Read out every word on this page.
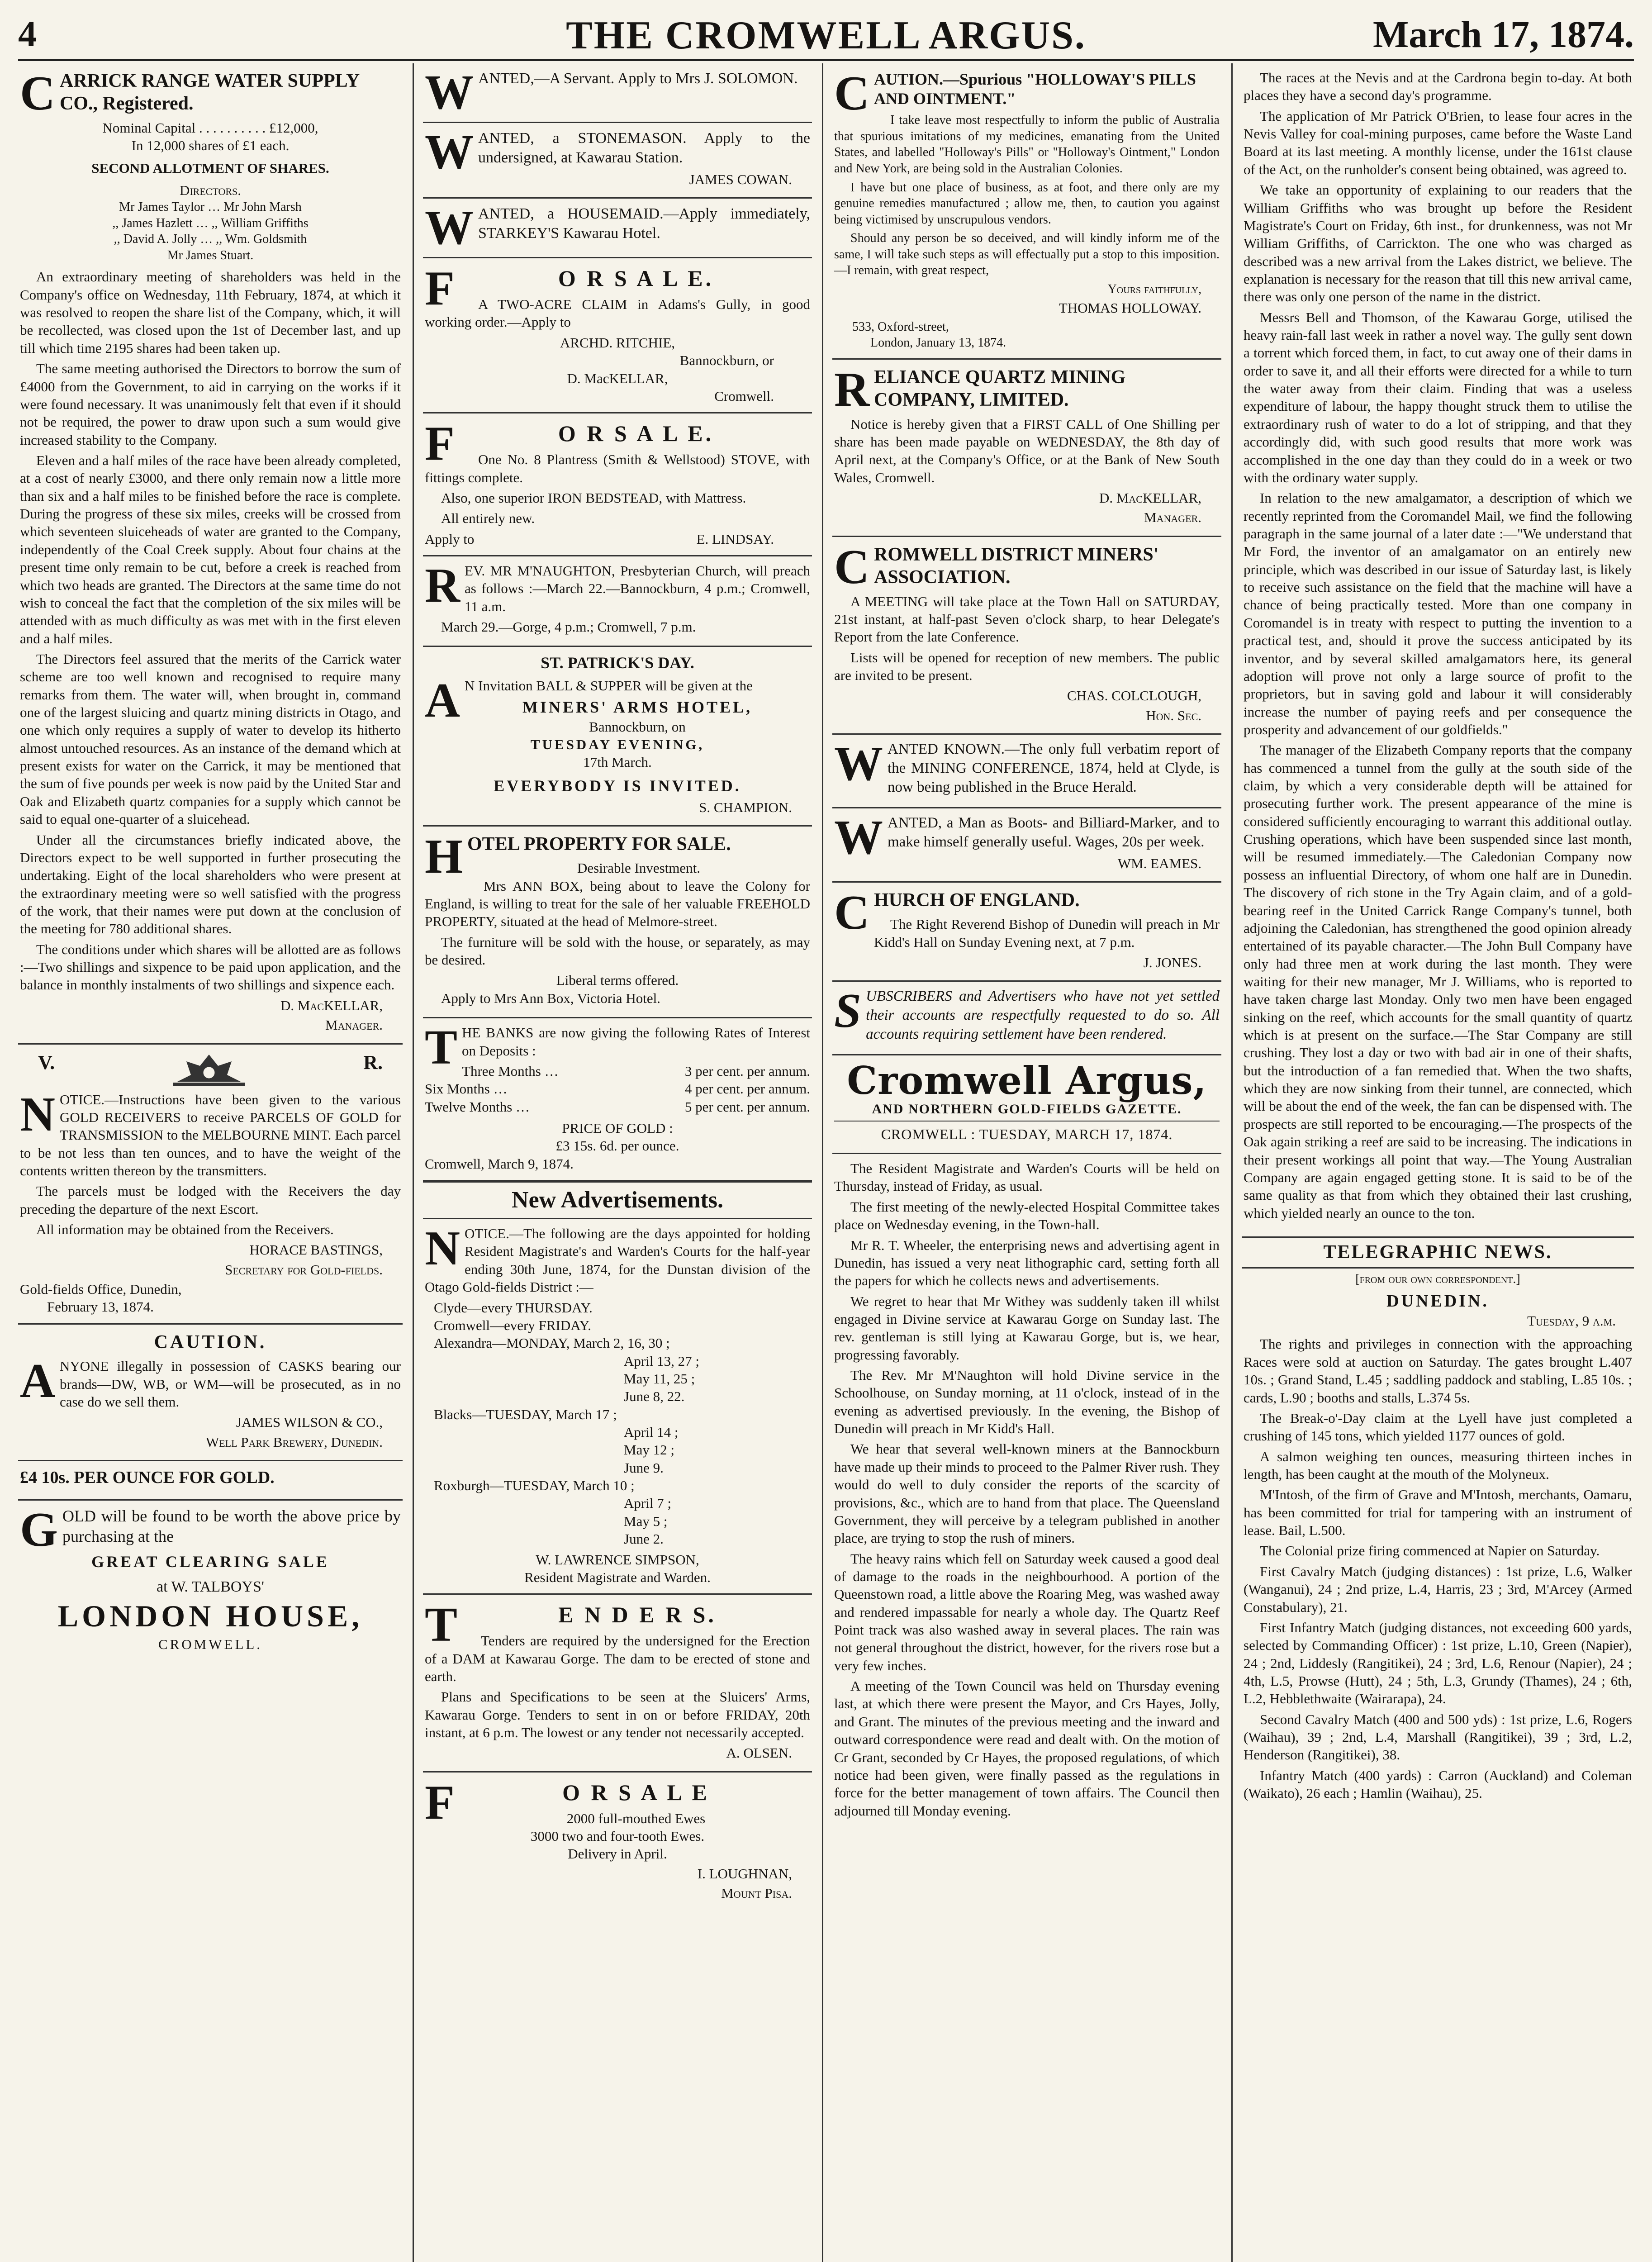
4	THE CROMWELL ARGUS.	March 17, 1874.
CARRICK RANGE WATER SUPPLY CO., Registered.
Nominal Capital . . . . . . . . . . £12,000,
In 12,000 shares of £1 each.
SECOND ALLOTMENT OF SHARES.
Directors.
Mr James Taylor … Mr John Marsh
,, James Hazlett … ,, William Griffiths
,, David A. Jolly … ,, Wm. Goldsmith
Mr James Stuart.

An extraordinary meeting of shareholders was held in the Company's office on Wednesday, 11th February, 1874, at which it was resolved to reopen the share list of the Company, which, it will be recollected, was closed upon the 1st of December last, and up till which time 2195 shares had been taken up.

The same meeting authorised the Directors to borrow the sum of £4000 from the Government, to aid in carrying on the works if it were found necessary. It was unanimously felt that even if it should not be required, the power to draw upon such a sum would give increased stability to the Company.

Eleven and a half miles of the race have been already completed, at a cost of nearly £3000, and there only remain now a little more than six and a half miles to be finished before the race is complete. During the progress of these six miles, creeks will be crossed from which seventeen sluiceheads of water are granted to the Company, independently of the Coal Creek supply. About four chains at the present time only remain to be cut, before a creek is reached from which two heads are granted. The Directors at the same time do not wish to conceal the fact that the completion of the six miles will be attended with as much difficulty as was met with in the first eleven and a half miles.

The Directors feel assured that the merits of the Carrick water scheme are too well known and recognised to require many remarks from them. The water will, when brought in, command one of the largest sluicing and quartz mining districts in Otago, and one which only requires a supply of water to develop its hitherto almost untouched resources. As an instance of the demand which at present exists for water on the Carrick, it may be mentioned that the sum of five pounds per week is now paid by the United Star and Oak and Elizabeth quartz companies for a supply which cannot be said to equal one-quarter of a sluicehead.

Under all the circumstances briefly indicated above, the Directors expect to be well supported in further prosecuting the undertaking. Eight of the local shareholders who were present at the extraordinary meeting were so well satisfied with the progress of the work, that their names were put down at the conclusion of the meeting for 780 additional shares.

The conditions under which shares will be allotted are as follows :—Two shillings and sixpence to be paid upon application, and the balance in monthly instalments of two shillings and sixpence each.

D. MacKELLAR,
Manager.
V.	R.

NOTICE.—Instructions have been given to the various GOLD RECEIVERS to receive PARCELS OF GOLD for TRANSMISSION to the MELBOURNE MINT. Each parcel to be not less than ten ounces, and to have the weight of the contents written thereon by the transmitters.

The parcels must be lodged with the Receivers the day preceding the departure of the next Escort.

All information may be obtained from the Receivers.

HORACE BASTINGS,
Secretary for Gold-fields.
Gold-fields Office, Dunedin,
February 13, 1874.
CAUTION.

ANYONE illegally in possession of CASKS bearing our brands—DW, WB, or WM—will be prosecuted, as in no case do we sell them.

JAMES WILSON & CO.,
Well Park Brewery, Dunedin.
£4 10s. PER OUNCE FOR GOLD.

GOLD will be found to be worth the above price by purchasing at the

GREAT CLEARING SALE
at W. TALBOYS'
LONDON HOUSE,
CROMWELL.

WANTED,—A Servant. Apply to Mrs J. SOLOMON.

WANTED, a STONEMASON. Apply to the undersigned, at Kawarau Station.

JAMES COWAN.

WANTED, a HOUSEMAID.—Apply immediately, STARKEY'S Kawarau Hotel.

F	O R S A L E.

A TWO-ACRE CLAIM in Adams's Gully, in good working order.—Apply to

ARCHD. RITCHIE,
Bannockburn, or
D. MacKELLAR,
Cromwell.
F	O R S A L E.

One No. 8 Plantress (Smith & Wellstood) STOVE, with fittings complete.

Also, one superior IRON BEDSTEAD, with Mattress.

All entirely new.

Apply to	E. LINDSAY.

REV. MR M'NAUGHTON, Presbyterian Church, will preach as follows :—March 22.—Bannockburn, 4 p.m.; Cromwell, 11 a.m.

March 29.—Gorge, 4 p.m.; Cromwell, 7 p.m.

ST. PATRICK'S DAY.

A N Invitation BALL & SUPPER will be given at the

MINERS' ARMS HOTEL,
Bannockburn, on
TUESDAY EVENING,
17th March.
EVERYBODY IS INVITED.
S. CHAMPION.
HOTEL PROPERTY FOR SALE.
Desirable Investment.

Mrs ANN BOX, being about to leave the Colony for England, is willing to treat for the sale of her valuable FREEHOLD PROPERTY, situated at the head of Melmore-street.

The furniture will be sold with the house, or separately, as may be desired.

Liberal terms offered.

Apply to Mrs Ann Box, Victoria Hotel.

THE BANKS are now giving the following Rates of Interest on Deposits :

Three Months …	3 per cent. per annum.
Six Months …	4 per cent. per annum.
Twelve Months …	5 per cent. per annum.
PRICE OF GOLD :
£3 15s. 6d. per ounce.
Cromwell, March 9, 1874.
New Advertisements.

NOTICE.—The following are the days appointed for holding Resident Magistrate's and Warden's Courts for the half-year ending 30th June, 1874, for the Dunstan division of the Otago Gold-fields District :—

Clyde—every THURSDAY.
Cromwell—every FRIDAY.
Alexandra—MONDAY, March 2, 16, 30 ;
April 13, 27 ;
May 11, 25 ;
June 8, 22.
Blacks—TUESDAY, March 17 ;
April 14 ;
May 12 ;
June 9.
Roxburgh—TUESDAY, March 10 ;
April 7 ;
May 5 ;
June 2.
W. LAWRENCE SIMPSON,
Resident Magistrate and Warden.
T	E N D E R S.

Tenders are required by the undersigned for the Erection of a DAM at Kawarau Gorge. The dam to be erected of stone and earth.

Plans and Specifications to be seen at the Sluicers' Arms, Kawarau Gorge. Tenders to sent in on or before FRIDAY, 20th instant, at 6 p.m. The lowest or any tender not necessarily accepted.

A. OLSEN.
F	O R S A L E
2000 full-mouthed Ewes
3000 two and four-tooth Ewes.
Delivery in April.
I. LOUGHNAN,
Mount Pisa.
CAUTION.—Spurious "HOLLOWAY'S PILLS AND OINTMENT."

I take leave most respectfully to inform the public of Australia that spurious imitations of my medicines, emanating from the United States, and labelled "Holloway's Pills" or "Holloway's Ointment," London and New York, are being sold in the Australian Colonies.

I have but one place of business, as at foot, and there only are my genuine remedies manufactured ; allow me, then, to caution you against being victimised by unscrupulous vendors.

Should any person be so deceived, and will kindly inform me of the same, I will take such steps as will effectually put a stop to this imposition.—I remain, with great respect,

Yours faithfully,
THOMAS HOLLOWAY.
533, Oxford-street,
London, January 13, 1874.
RELIANCE QUARTZ MINING COMPANY, LIMITED.

Notice is hereby given that a FIRST CALL of One Shilling per share has been made payable on WEDNESDAY, the 8th day of April next, at the Company's Office, or at the Bank of New South Wales, Cromwell.

D. MacKELLAR,
Manager.
CROMWELL DISTRICT MINERS' ASSOCIATION.

A MEETING will take place at the Town Hall on SATURDAY, 21st instant, at half-past Seven o'clock sharp, to hear Delegate's Report from the late Conference.

Lists will be opened for reception of new members. The public are invited to be present.

CHAS. COLCLOUGH,
Hon. Sec.

WANTED KNOWN.—The only full verbatim report of the MINING CONFERENCE, 1874, held at Clyde, is now being published in the Bruce Herald.

WANTED, a Man as Boots- and Billiard-Marker, and to make himself generally useful. Wages, 20s per week.

WM. EAMES.
CHURCH OF ENGLAND.

The Right Reverend Bishop of Dunedin will preach in Mr Kidd's Hall on Sunday Evening next, at 7 p.m.

J. JONES.

SUBSCRIBERS and Advertisers who have not yet settled their accounts are respectfully requested to do so. All accounts requiring settlement have been rendered.

Cromwell Argus,
AND NORTHERN GOLD-FIELDS GAZETTE.
CROMWELL : TUESDAY, MARCH 17, 1874.

The Resident Magistrate and Warden's Courts will be held on Thursday, instead of Friday, as usual.

The first meeting of the newly-elected Hospital Committee takes place on Wednesday evening, in the Town-hall.

Mr R. T. Wheeler, the enterprising news and advertising agent in Dunedin, has issued a very neat lithographic card, setting forth all the papers for which he collects news and advertisements.

We regret to hear that Mr Withey was suddenly taken ill whilst engaged in Divine service at Kawarau Gorge on Sunday last. The rev. gentleman is still lying at Kawarau Gorge, but is, we hear, progressing favorably.

The Rev. Mr M'Naughton will hold Divine service in the Schoolhouse, on Sunday morning, at 11 o'clock, instead of in the evening as advertised previously. In the evening, the Bishop of Dunedin will preach in Mr Kidd's Hall.

We hear that several well-known miners at the Bannockburn have made up their minds to proceed to the Palmer River rush. They would do well to duly consider the reports of the scarcity of provisions, &c., which are to hand from that place. The Queensland Government, they will perceive by a telegram published in another place, are trying to stop the rush of miners.

The heavy rains which fell on Saturday week caused a good deal of damage to the roads in the neighbourhood. A portion of the Queenstown road, a little above the Roaring Meg, was washed away and rendered impassable for nearly a whole day. The Quartz Reef Point track was also washed away in several places. The rain was not general throughout the district, however, for the rivers rose but a very few inches.

A meeting of the Town Council was held on Thursday evening last, at which there were present the Mayor, and Crs Hayes, Jolly, and Grant. The minutes of the previous meeting and the inward and outward correspondence were read and dealt with. On the motion of Cr Grant, seconded by Cr Hayes, the proposed regulations, of which notice had been given, were finally passed as the regulations in force for the better management of town affairs. The Council then adjourned till Monday evening.

The races at the Nevis and at the Cardrona begin to-day. At both places they have a second day's programme.

The application of Mr Patrick O'Brien, to lease four acres in the Nevis Valley for coal-mining purposes, came before the Waste Land Board at its last meeting. A monthly license, under the 161st clause of the Act, on the runholder's consent being obtained, was agreed to.

We take an opportunity of explaining to our readers that the William Griffiths who was brought up before the Resident Magistrate's Court on Friday, 6th inst., for drunkenness, was not Mr William Griffiths, of Carrickton. The one who was charged as described was a new arrival from the Lakes district, we believe. The explanation is necessary for the reason that till this new arrival came, there was only one person of the name in the district.

Messrs Bell and Thomson, of the Kawarau Gorge, utilised the heavy rain-fall last week in rather a novel way. The gully sent down a torrent which forced them, in fact, to cut away one of their dams in order to save it, and all their efforts were directed for a while to turn the water away from their claim. Finding that was a useless expenditure of labour, the happy thought struck them to utilise the extraordinary rush of water to do a lot of stripping, and that they accordingly did, with such good results that more work was accomplished in the one day than they could do in a week or two with the ordinary water supply.

In relation to the new amalgamator, a description of which we recently reprinted from the Coromandel Mail, we find the following paragraph in the same journal of a later date :—"We understand that Mr Ford, the inventor of an amalgamator on an entirely new principle, which was described in our issue of Saturday last, is likely to receive such assistance on the field that the machine will have a chance of being practically tested. More than one company in Coromandel is in treaty with respect to putting the invention to a practical test, and, should it prove the success anticipated by its inventor, and by several skilled amalgamators here, its general adoption will prove not only a large source of profit to the proprietors, but in saving gold and labour it will considerably increase the number of paying reefs and per consequence the prosperity and advancement of our goldfields."

The manager of the Elizabeth Company reports that the company has commenced a tunnel from the gully at the south side of the claim, by which a very considerable depth will be attained for prosecuting further work. The present appearance of the mine is considered sufficiently encouraging to warrant this additional outlay. Crushing operations, which have been suspended since last month, will be resumed immediately.—The Caledonian Company now possess an influential Directory, of whom one half are in Dunedin. The discovery of rich stone in the Try Again claim, and of a gold-bearing reef in the United Carrick Range Company's tunnel, both adjoining the Caledonian, has strengthened the good opinion already entertained of its payable character.—The John Bull Company have only had three men at work during the last month. They were waiting for their new manager, Mr J. Williams, who is reported to have taken charge last Monday. Only two men have been engaged sinking on the reef, which accounts for the small quantity of quartz which is at present on the surface.—The Star Company are still crushing. They lost a day or two with bad air in one of their shafts, but the introduction of a fan remedied that. When the two shafts, which they are now sinking from their tunnel, are connected, which will be about the end of the week, the fan can be dispensed with. The prospects are still reported to be encouraging.—The prospects of the Oak again striking a reef are said to be increasing. The indications in their present workings all point that way.—The Young Australian Company are again engaged getting stone. It is said to be of the same quality as that from which they obtained their last crushing, which yielded nearly an ounce to the ton.

TELEGRAPHIC NEWS.
[from our own correspondent.]
DUNEDIN.
Tuesday, 9 a.m.

The rights and privileges in connection with the approaching Races were sold at auction on Saturday. The gates brought L.407 10s. ; Grand Stand, L.45 ; saddling paddock and stabling, L.85 10s. ; cards, L.90 ; booths and stalls, L.374 5s.

The Break-o'-Day claim at the Lyell have just completed a crushing of 145 tons, which yielded 1177 ounces of gold.

A salmon weighing ten ounces, measuring thirteen inches in length, has been caught at the mouth of the Molyneux.

M'Intosh, of the firm of Grave and M'Intosh, merchants, Oamaru, has been committed for trial for tampering with an instrument of lease. Bail, L.500.

The Colonial prize firing commenced at Napier on Saturday.

First Cavalry Match (judging distances) : 1st prize, L.6, Walker (Wanganui), 24 ; 2nd prize, L.4, Harris, 23 ; 3rd, M'Arcey (Armed Constabulary), 21.

First Infantry Match (judging distances, not exceeding 600 yards, selected by Commanding Officer) : 1st prize, L.10, Green (Napier), 24 ; 2nd, Liddesly (Rangitikei), 24 ; 3rd, L.6, Renour (Napier), 24 ; 4th, L.5, Prowse (Hutt), 24 ; 5th, L.3, Grundy (Thames), 24 ; 6th, L.2, Hebblethwaite (Wairarapa), 24.

Second Cavalry Match (400 and 500 yds) : 1st prize, L.6, Rogers (Waihau), 39 ; 2nd, L.4, Marshall (Rangitikei), 39 ; 3rd, L.2, Henderson (Rangitikei), 38.

Infantry Match (400 yards) : Carron (Auckland) and Coleman (Waikato), 26 each ; Hamlin (Waihau), 25.
